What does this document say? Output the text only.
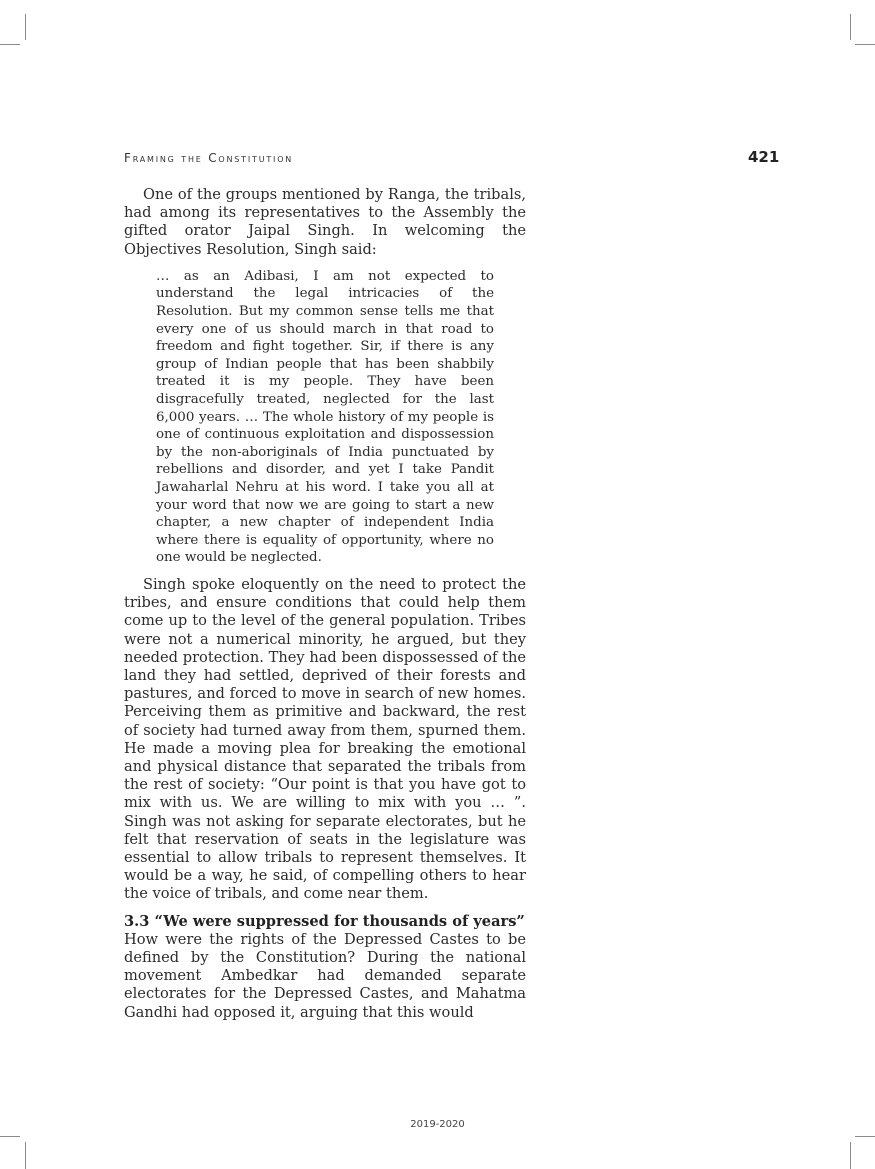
Framing the Constitution	421

One of the groups mentioned by Ranga, the tribals, had among its representatives to the Assembly the gifted orator Jaipal Singh. In welcoming the Objectives Resolution, Singh said:

… as an Adibasi, I am not expected to understand the legal intricacies of the Resolution. But my common sense tells me that every one of us should march in that road to freedom and fight together. Sir, if there is any group of Indian people that has been shabbily treated it is my people. They have been disgracefully treated, neglected for the last 6,000 years. … The whole history of my people is one of continuous exploitation and dispossession by the non-aboriginals of India punctuated by rebellions and disorder, and yet I take Pandit Jawaharlal Nehru at his word. I take you all at your word that now we are going to start a new chapter, a new chapter of independent India where there is equality of opportunity, where no one would be neglected.

Singh spoke eloquently on the need to protect the tribes, and ensure conditions that could help them come up to the level of the general population. Tribes were not a numerical minority, he argued, but they needed protection. They had been dispossessed of the land they had settled, deprived of their forests and pastures, and forced to move in search of new homes. Perceiving them as primitive and backward, the rest of society had turned away from them, spurned them. He made a moving plea for breaking the emotional and physical distance that separated the tribals from the rest of society: “Our point is that you have got to mix with us. We are willing to mix with you … ”. Singh was not asking for separate electorates, but he felt that reservation of seats in the legislature was essential to allow tribals to represent themselves. It would be a way, he said, of compelling others to hear the voice of tribals, and come near them.

3.3 “We were suppressed for thousands of years”

How were the rights of the Depressed Castes to be defined by the Constitution? During the national movement Ambedkar had demanded separate electorates for the Depressed Castes, and Mahatma Gandhi had opposed it, arguing that this would

2019-2020
